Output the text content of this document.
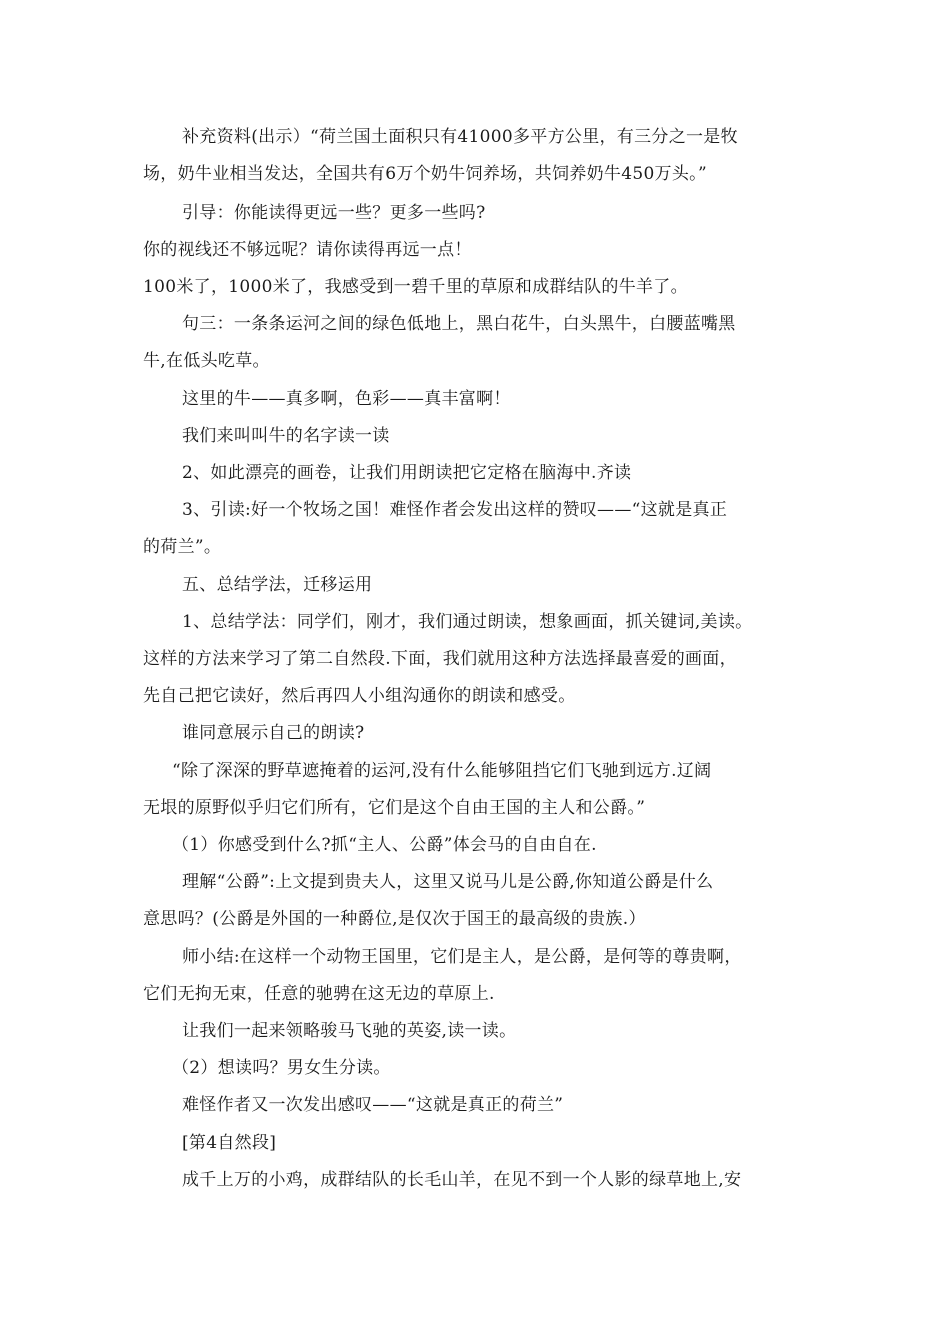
补充资料(出示）“荷兰国土面积只有41000多平方公里，有三分之一是牧
场，奶牛业相当发达，全国共有6万个奶牛饲养场，共饲养奶牛450万头。”
引导：你能读得更远一些？更多一些吗?
你的视线还不够远呢？请你读得再远一点！
100米了，1000米了，我感受到一碧千里的草原和成群结队的牛羊了。
句三：一条条运河之间的绿色低地上，黑白花牛，白头黑牛，白腰蓝嘴黑
牛,在低头吃草。
这里的牛——真多啊，色彩——真丰富啊！
我们来叫叫牛的名字读一读
2、如此漂亮的画卷，让我们用朗读把它定格在脑海中.齐读
3、引读:好一个牧场之国！难怪作者会发出这样的赞叹——“这就是真正
的荷兰”。
五、总结学法，迁移运用
1、总结学法：同学们，刚才，我们通过朗读，想象画面，抓关键词,美读。
这样的方法来学习了第二自然段.下面，我们就用这种方法选择最喜爱的画面，
先自己把它读好，然后再四人小组沟通你的朗读和感受。
谁同意展示自己的朗读?
“除了深深的野草遮掩着的运河,没有什么能够阻挡它们飞驰到远方.辽阔
无垠的原野似乎归它们所有，它们是这个自由王国的主人和公爵。”
（1）你感受到什么?抓“主人、公爵”体会马的自由自在.
理解“公爵”:上文提到贵夫人，这里又说马儿是公爵,你知道公爵是什么
意思吗？(公爵是外国的一种爵位,是仅次于国王的最高级的贵族.）
师小结:在这样一个动物王国里，它们是主人，是公爵，是何等的尊贵啊，
它们无拘无束，任意的驰骋在这无边的草原上.
让我们一起来领略骏马飞驰的英姿,读一读。
（2）想读吗？男女生分读。
难怪作者又一次发出感叹——“这就是真正的荷兰”
[第4自然段]
成千上万的小鸡，成群结队的长毛山羊，在见不到一个人影的绿草地上,安
